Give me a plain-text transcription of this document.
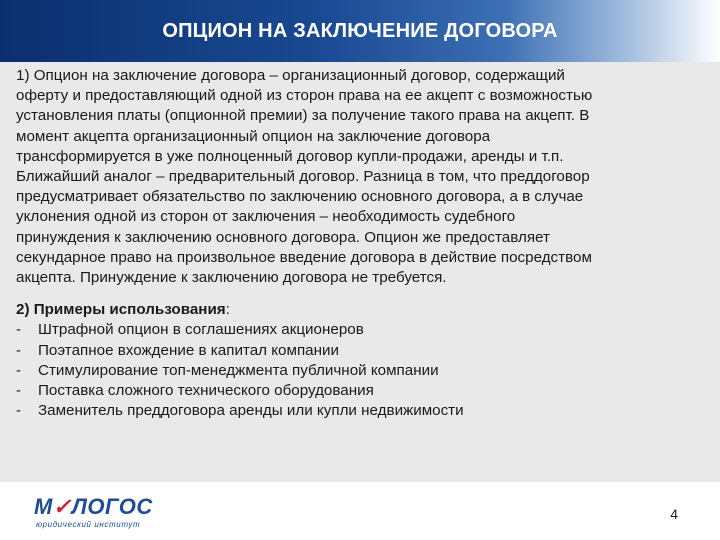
ОПЦИОН НА ЗАКЛЮЧЕНИЕ ДОГОВОРА

1) Опцион на заключение договора – организационный договор, содержащий
оферту и предоставляющий одной из сторон права на ее акцепт с возможностью
установления платы (опционной премии) за получение такого права на акцепт. В
момент акцепта организационный опцион на заключение договора
трансформируется в уже полноценный договор купли-продажи, аренды и т.п.

Ближайший аналог – предварительный договор. Разница в том, что преддоговор
предусматривает обязательство по заключению основного договора, а в случае
уклонения одной из сторон от заключения – необходимость судебного
принуждения к заключению основного договора. Опцион же предоставляет
секундарное право на произвольное введение договора в действие посредством
акцепта. Принуждение к заключению договора не требуется.

2) Примеры использования:

-	Штрафной опцион в соглашениях акционеров
-	Поэтапное вхождение в капитал компании
-	Стимулирование топ-менеджмента публичной компании
-	Поставка сложного технического оборудования
-	Заменитель преддоговора аренды или купли недвижимости
М✓ЛОГОС
юридический институт
4
